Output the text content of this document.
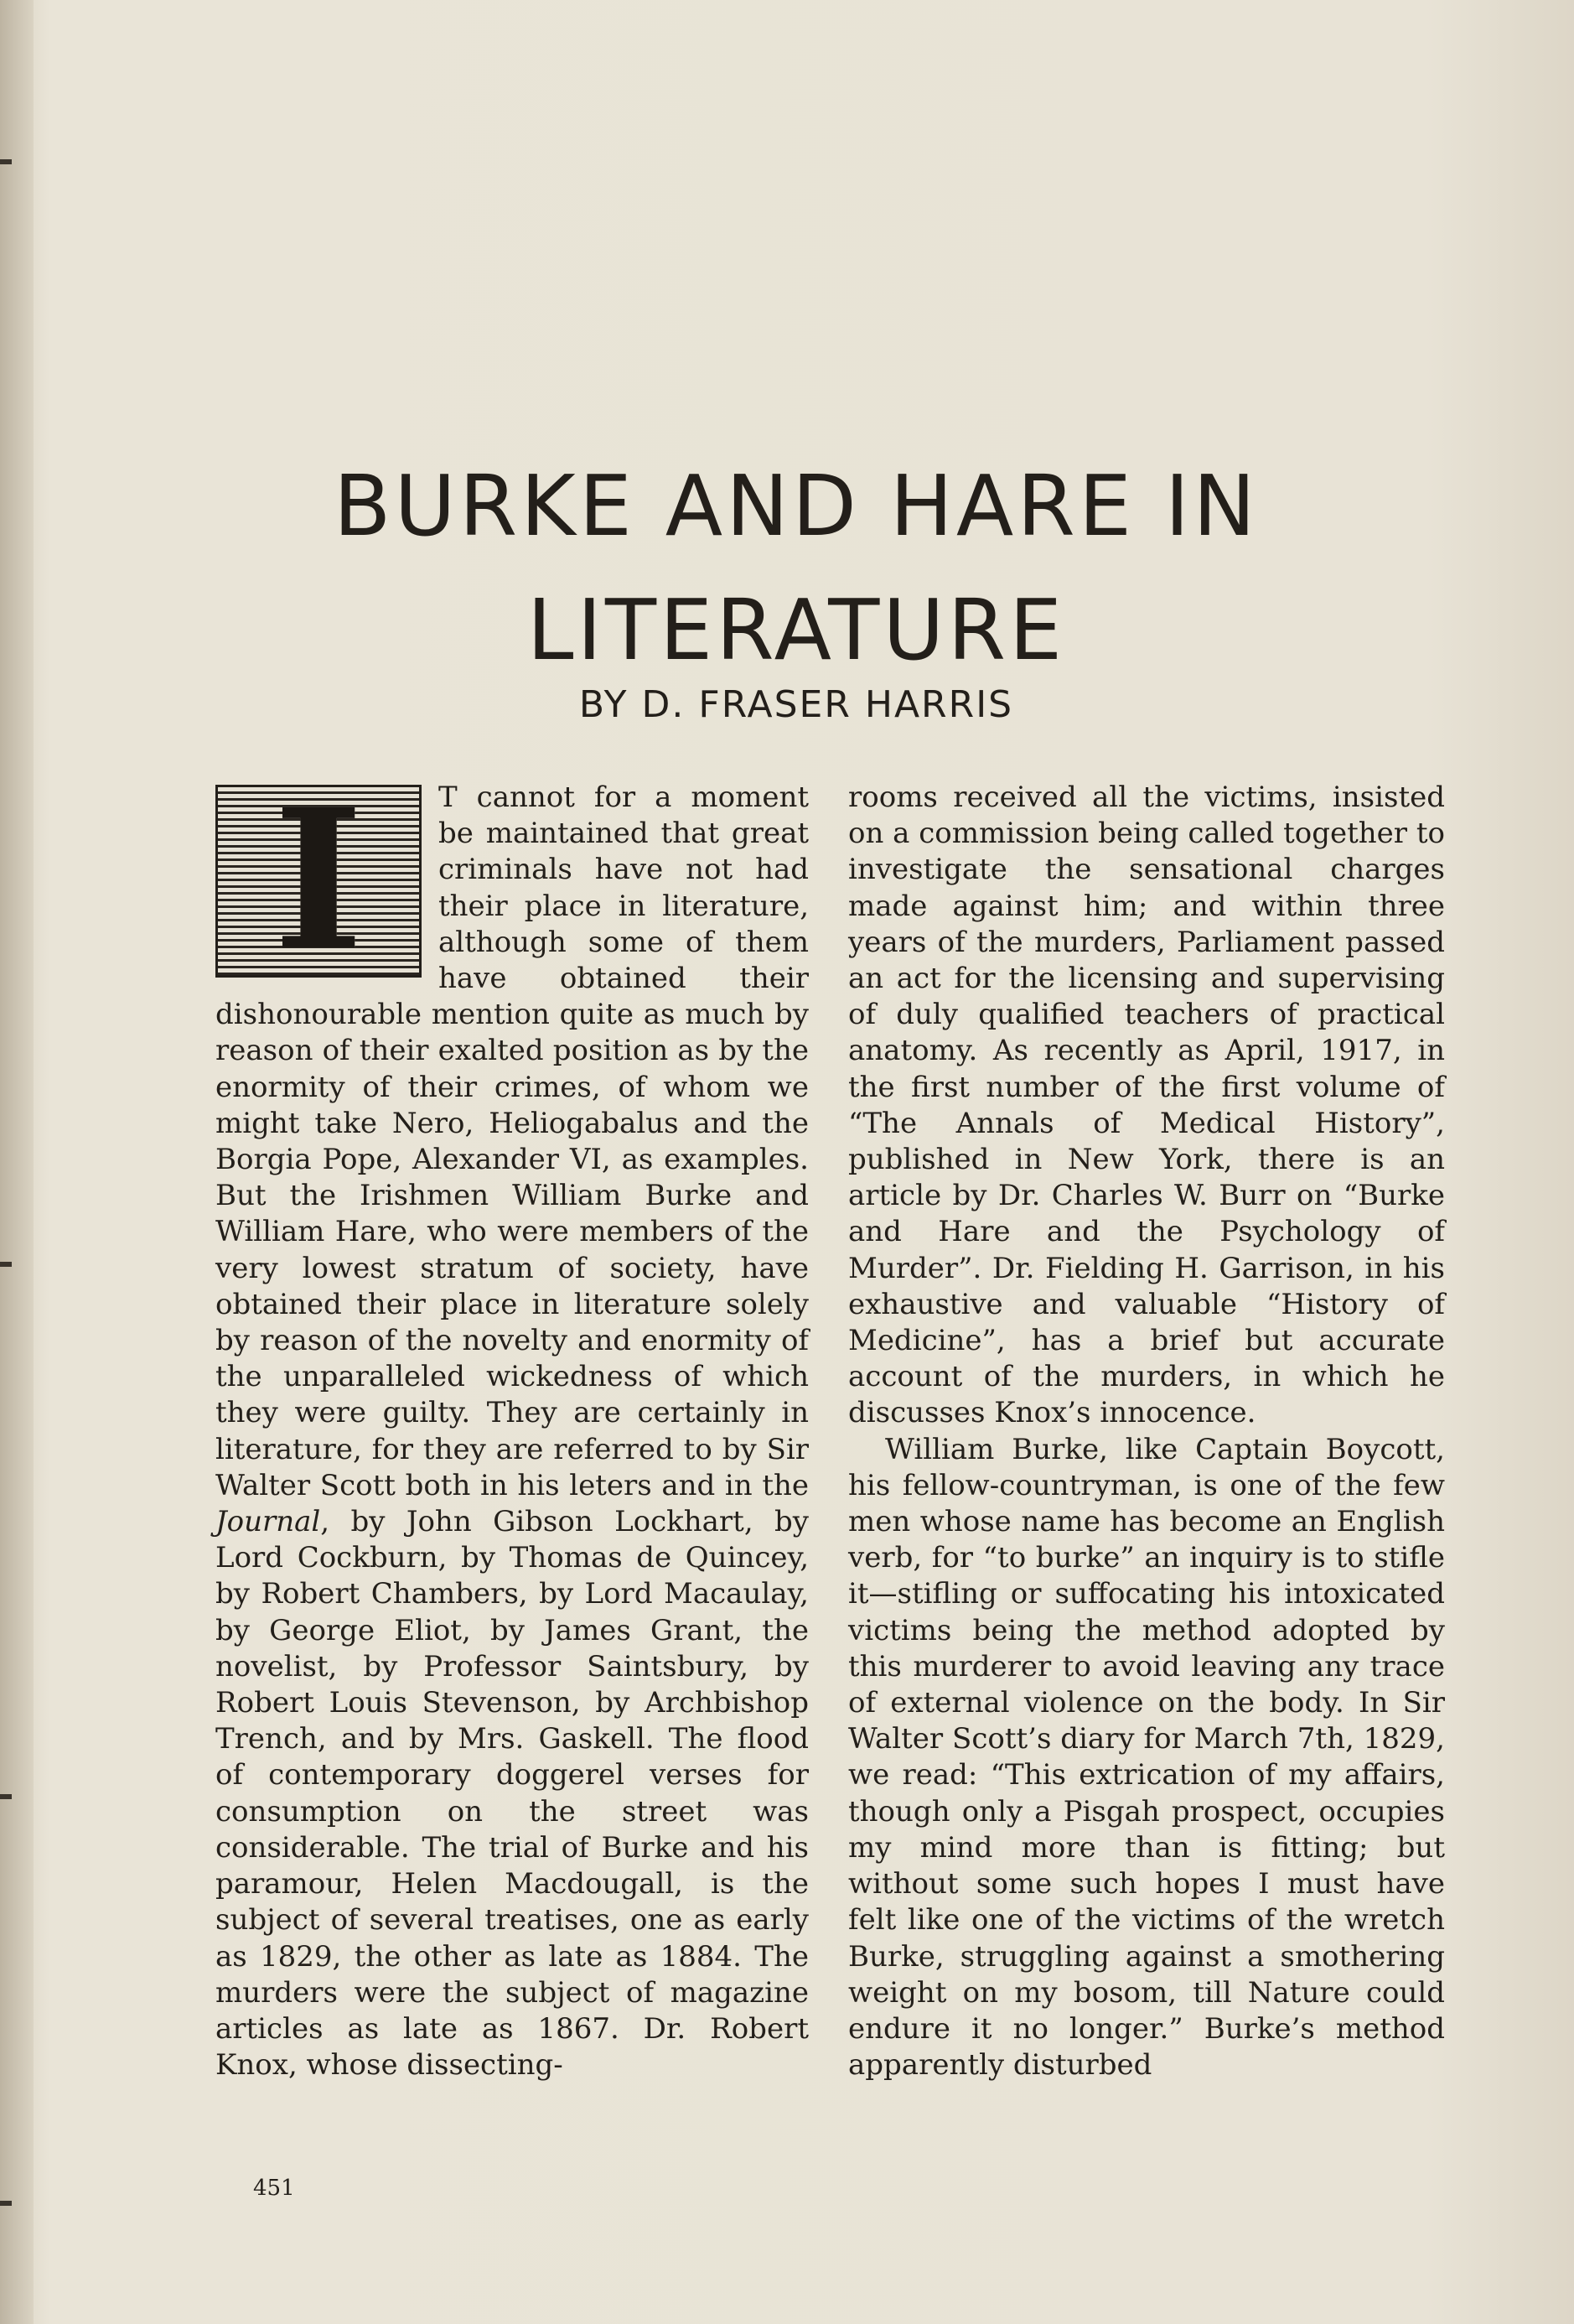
BURKE AND HARE IN
LITERATURE
BY D. FRASER HARRIS
I	T cannot for a moment be maintained that great criminals have not had their place in literature, although some of them have obtained their dishonourable mention quite as much by reason of their exalted position as by the enormity of their crimes, of whom we might take Nero, Heliogabalus and the Borgia Pope, Alexander VI, as examples. But the Irishmen William Burke and William Hare, who were members of the very lowest stratum of society, have obtained their place in literature solely by reason of the novelty and enormity of the unparalleled wickedness of which they were guilty. They are certainly in literature, for they are referred to by Sir Walter Scott both in his leters and in the Journal, by John Gibson Lockhart, by Lord Cockburn, by Thomas de Quincey, by Robert Chambers, by Lord Macaulay, by George Eliot, by James Grant, the novelist, by Professor Saintsbury, by Robert Louis Stevenson, by Archbishop Trench, and by Mrs. Gaskell. The flood of contemporary doggerel verses for consumption on the street was considerable. The trial of Burke and his paramour, Helen Macdougall, is the subject of several treatises, one as early as 1829, the other as late as 1884. The murders were the subject of magazine articles as late as 1867. Dr. Robert Knox, whose dissecting-

rooms received all the victims, insisted on a commission being called together to investigate the sensational charges made against him; and within three years of the murders, Parliament passed an act for the licensing and supervising of duly qualified teachers of practical anatomy. As recently as April, 1917, in the first number of the first volume of “The Annals of Medical History”, published in New York, there is an article by Dr. Charles W. Burr on “Burke and Hare and the Psychology of Murder”. Dr. Fielding H. Garrison, in his exhaustive and valuable “History of Medicine”, has a brief but accurate account of the murders, in which he discusses Knox’s innocence.

William Burke, like Captain Boycott, his fellow-countryman, is one of the few men whose name has become an English verb, for “to burke” an inquiry is to stifle it—stifling or suffocating his intoxicated victims being the method adopted by this murderer to avoid leaving any trace of external violence on the body. In Sir Walter Scott’s diary for March 7th, 1829, we read: “This extrication of my affairs, though only a Pisgah prospect, occupies my mind more than is fitting; but without some such hopes I must have felt like one of the victims of the wretch Burke, struggling against a smothering weight on my bosom, till Nature could endure it no longer.” Burke’s method apparently disturbed

451
